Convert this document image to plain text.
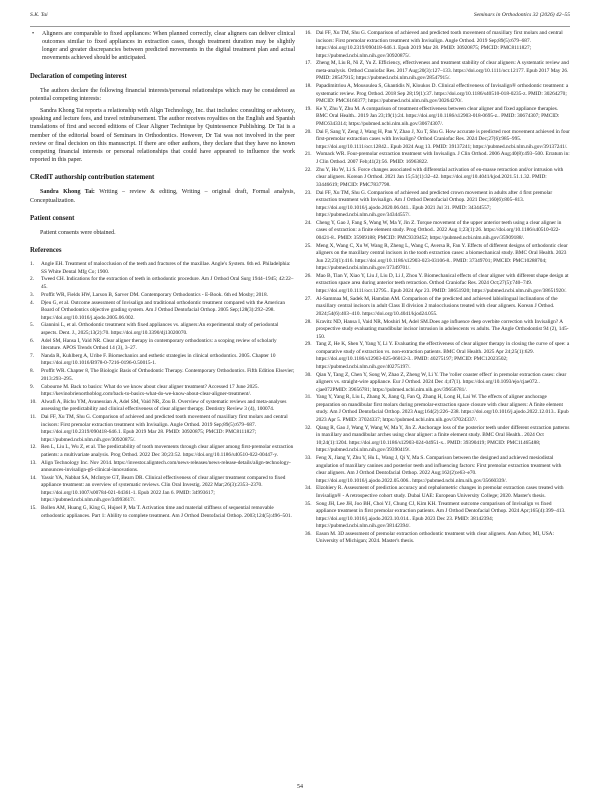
S.K. Tai	Seminars in Orthodontics 32 (2026) 42–55
• Aligners are comparable to fixed appliances: When planned correctly, clear aligners can deliver clinical outcomes similar to fixed appliances in extraction cases, though treatment duration may be slightly longer and greater discrepancies between predicted movements in the digital treatment plan and actual movements achieved should be anticipated.
Declaration of competing interest

The authors declare the following financial interests/personal relationships which may be considered as potential competing interests:

Sandra Khong Tai reports a relationship with Align Technology, Inc. that includes: consulting or advisory, speaking and lecture fees, and travel reimbursement. The author receives royalties on the English and Spanish translations of first and second editions of Clear Aligner Technique by Quintessence Publishing. Dr Tai is a member of the editorial board of Seminars in Orthodontics. However, Dr Tai was not involved in the peer review or final decision on this manuscript. If there are other authors, they declare that they have no known competing financial interests or personal relationships that could have appeared to influence the work reported in this paper.

CRediT authorship contribution statement

Sandra Khong Tai: Writing – review & editing, Writing – original draft, Formal analysis, Conceptualization.

Patient consent

Patient consents were obtained.

References
1.	Angle EH. Treatment of malocclusion of the teeth and fractures of the maxillae. Angle's System. 6th ed. Philadelphia: SS White Dental Mfg Co; 1900.
2.	Tweed CH. Indications for the extraction of teeth in orthodontic procedure. Am J Orthod Oral Surg 1944–1945; 42:22–45.
3.	Proffit WR, Fields HW, Larson B, Sarver DM. Contemporary Orthodontics - E-Book. 6th ed Mosby; 2018.
4.	Djeu G, et al. Outcome assessment of Invisalign and traditional orthodontic treatment compared with the American Board of Orthodontics objective grading system. Am J Orthod Dentofacial Orthop. 2005 Sep;128(3):292–298. https://doi.org/10.1016/j.ajodo.2005.06.002.
5.	Giannini L, et al. Orthodontic treatment with fixed appliances vs. aligners:An experimental study of periodontal aspects. Dent. J., 2025;13(2):70. https://doi.org/10.3390/dj13020070.
6.	Adel SM, Hansa I, Vaid NR. Clear aligner therapy in contemporary orthodontics: a scoping review of scholarly literature. APOS Trends Orthod 14 (3), 3–27.
7.	Nanda R, Kuhlberg A, Uribe F. Biomechanics and esthetic strategies in clinical orthodontics. 2005. Chapter 10 https://doi.org/10.1016/B978-0-7216-0196-0.50015-1.
8.	Proffit WR. Chapter 8, The Biologic Basis of Orthodontic Therapy. Contemporary Orthodontics. Fifth Edition Elsevier; 2013:293–295.
9.	Cobourne M. Back to basics: What do we know about clear aligner treatment? Accessed 17 June 2025. https://kevinobrienorthoblog.com/back-to-basics-what-do-we-know-about-clear-aligner-treatment/.
10. Alwafi A, Bichu YM, Avanessian A, Adel SM, Vaid NR, Zou B. Overview of systematic reviews and meta-analyses assessing the predictability and clinical effectiveness of clear aligner therapy. Dentistry Review 3 (4), 100074.
11. Dai FF, Xu TM, Shu G. Comparison of achieved and predicted tooth movement of maxillary first molars and central incisors: First premolar extraction treatment with Invisalign. Angle Orthod. 2019 Sep;89(5):679–687. https://doi.org/10.2319/090418-646.1. Epub 2019 Mar 28. PMID: 30920875; PMCID: PMC8111827; https://pubmed.ncbi.nlm.nih.gov/30920875/.
12. Ren L, Liu L, Wu Z, et al. The predictability of tooth movements through clear aligner among first-premolar extraction patients: a multivariate analysis. Prog Orthod. 2022 Dec 30;23:52. https://doi.org/10.1186/s40510-022-00447-y.
13. Align Technology Inc. Nov 2014. https://investor.aligntech.com/news-releases/news-release-details/align-technology-announces-invisalign-g6-clinical-innovations.
14. Yassir YA, Nabbat SA, McIntyre GT, Bearn DR. Clinical effectiveness of clear aligner treatment compared to fixed appliance treatment: an overview of systematic reviews. Clin Oral Investig. 2022 Mar;26(3):2353–2370. https://doi.org/10.1007/s00784-021-04361-1. Epub 2022 Jan 6. PMID: 34993617; https://pubmed.ncbi.nlm.nih.gov/34993617/.
15. Bollen AM, Huang G, King G, Hujoel P, Ma T. Activation time and material stiffness of sequential removable orthodontic appliances. Part 1: Ability to complete treatment. Am J Orthod Dentofacial Orthop. 2003;124(5):496–501.
16. Dai FF, Xu TM, Shu G. Comparison of achieved and predicted tooth movement of maxillary first molars and central incisors: First premolar extraction treatment with Invisalign. Angle Orthod. 2019 Sep;89(5):679–687. https://doi.org/10.2319/090418-646.1. Epub 2019 Mar 28. PMID: 30920875; PMCID: PMC8111827; https://pubmed.ncbi.nlm.nih.gov/30920875/.
17. Zheng M, Liu R, Ni Z, Yu Z. Efficiency, effectiveness and treatment stability of clear aligners: A systematic review and meta-analysis. Orthod Craniofac Res. 2017 Aug;20(3):127–133. https://doi.org/10.1111/ocr.12177. Epub 2017 May 26. PMID: 28547915; https://pubmed.ncbi.nlm.nih.gov/28547915/.
18. Papadimitriou A, Mousoulea S, Gkantidis N, Kloukos D. Clinical effectiveness of Invisalign® orthodontic treatment: a systematic review. Prog Orthod. 2018 Sep 28;19(1):37. https://doi.org/10.1186/s40510-018-0235-z. PMID: 30264270; PMCID: PMC6160377; https://pubmed.ncbi.nlm.nih.gov/30264270/.
19. Ke Y, Zhu Y, Zhu M. A comparison of treatment effectiveness between clear aligner and fixed appliance therapies. BMC Oral Health.. 2019 Jan 23;19(1):24. https://doi.org/10.1186/s12903-018-0695-z.. PMID: 30674307; PMCID: PMC6343314; https://pubmed.ncbi.nlm.nih.gov/30674307/.
20. Dai F, Sang Y, Zeng J, Wang H, Pan Y, Zhao J, Xu T, Shu G. How accurate is predicted root movement achieved in four first-premolar extraction cases with Invisalign? Orthod Craniofac Res. 2024 Dec;27(6):985–995. https://doi.org/10.1111/ocr.12842.. Epub 2024 Aug 13. PMID: 39137241; https://pubmed.ncbi.nlm.nih.gov/39137241/.
21. Womack WR. Four-premolar extraction treatment with Invisalign. J Clin Orthod. 2006 Aug;40(8):493–500. Erratum in: J Clin Orthod. 2007 Feb;41(2):56. PMID: 16963822.
22. Zhu Y, Hu W, Li S. Force changes associated with differential activation of en-masse retraction and/or intrusion with clear aligners. Korean J Orthod. 2021 Jan 15;51(1):32–42. https://doi.org/10.4041/kjod.2021.51.1.32. PMID: 33446619; PMCID: PMC7837798.
23. Dai FF, Xu TM, Shu G. Comparison of achieved and predicted crown movement in adults after 4 first premolar extraction treatment with Invisalign. Am J Orthod Dentofacial Orthop. 2021 Dec;160(6):805–813. https://doi.org/10.1016/j.ajodo.2020.06.041.. Epub 2021 Jul 31. PMID: 34344557; https://pubmed.ncbi.nlm.nih.gov/34344557/.
24. Cheng Y, Gao J, Fang S, Wang W, Ma Y, Jin Z. Torque movement of the upper anterior teeth using a clear aligner in cases of extraction: a finite element study. Prog Orthod.. 2022 Aug 1;23(1):26. https://doi.org/10.1186/s40510-022-00421-8.. PMID: 35909188; PMCID: PMC9339452; https://pubmed.ncbi.nlm.nih.gov/35909188/.
25. Meng X, Wang C, Xu W, Wang R, Zheng L, Wang C, Aversa R, Fan Y. Effects of different designs of orthodontic clear aligners on the maxillary central incisors in the tooth extraction cases: a biomechanical study. BMC Oral Health. 2023 Jun 22;23(1):416. https://doi.org/10.1186/s12903-023-03106-8.. PMID: 37349701; PMCID: PMC10288704; https://pubmed.ncbi.nlm.nih.gov/37349701/.
26. Mao B, Tian Y, Xiao Y, Liu J, Liu D, Li J, Zhou Y. Biomechanical effects of clear aligner with different shape design at extraction space area during anterior teeth retraction. Orthod Craniofac Res. 2024 Oct;27(5):740–749. https://doi.org/10.1111/ocr.12795.. Epub 2024 Apr 23. PMID: 38651920; https://pubmed.ncbi.nlm.nih.gov/38651920/.
27. Al-Sammaa M, Sadek M, Hamdan AM. Comparison of the predicted and achieved labiolingual inclinations of the maxillary central incisors in adult Class II division 2 malocclusions treated with clear aligners. Korean J Orthod. 2024;54(6):403–410. https://doi.org/10.4041/kjod24.055.
28. Kravitz ND, Hansa I, Vaid NR, Moshiri M, Adel SM.Does age influence deep overbite correction with Invisalign? A prospective study evaluating mandibular incisor intrusion in adolescents vs adults. The Angle Orthodontist 94 (2), 145-150.
29. Tang Z, He K, Shen Y, Yang Y, Li Y. Evaluating the effectiveness of clear aligner therapy in closing the curve of spee: a comparative study of extraction vs. non-extraction patients. BMC Oral Health. 2025 Apr 24;25(1):629. https://doi.org/10.1186/s12903-025-06012-3.. PMID: 40275197; PMCID: PMC12023502; https://pubmed.ncbi.nlm.nih.gov/40275197/.
30. Qian Y, Tang Z, Chen Y, Song W, Zhao Z, Zheng W, Li Y. The 'roller coaster effect' in premolar extraction cases: clear aligners vs. straight-wire appliance. Eur J Orthod. 2024 Dec 4;47(1). https://doi.org/10.1093/ejo/cjae072.. cjae072PMID: 39656781; https://pubmed.ncbi.nlm.nih.gov/39656781/.
31. Yang Y, Yang R, Liu L, Zhang X, Jiang Q, Fan Q, Zhang H, Long H, Lai W. The effects of aligner anchorage preparation on mandibular first molars during premolar-extraction space closure with clear aligners: A finite element study. Am J Orthod Dentofacial Orthop. 2023 Aug;164(2):226–238. https://doi.org/10.1016/j.ajodo.2022.12.013.. Epub 2023 Apr 5. PMID: 37024337; https://pubmed.ncbi.nlm.nih.gov/37024337/.
32. Qiang R, Gao J, Wang Y, Wang W, Ma Y, Jin Z. Anchorage loss of the posterior teeth under different extraction patterns in maxillary and mandibular arches using clear aligner: a finite element study. BMC Oral Health.. 2024 Oct 10;24(1):1204. https://doi.org/10.1186/s12903-024-04951-x.. PMID: 39390419; PMCID: PMC11465488; https://pubmed.ncbi.nlm.nih.gov/39390419/.
33. Feng X, Jiang Y, Zhu Y, Hu L, Wang J, Qi Y, Ma S. Comparison between the designed and achieved mesiodistal angulation of maxillary canines and posterior teeth and influencing factors: First premolar extraction treatment with clear aligners. Am J Orthod Dentofacial Orthop. 2022 Aug;162(2):e63–e70. https://doi.org/10.1016/j.ajodo.2022.05.006.. https://pubmed.ncbi.nlm.nih.gov/35660339/.
34. Elzohiery R. Assessment of prediction accuracy and cephalometric changes in premolar extraction cases treated with Invisalign® - A retrospective cohort study. Dubai UAE: European University College; 2020. Master's thesis.
35. Song JH, Lee JH, Joo BH, Choi YJ, Chung CJ, Kim KH. Treatment outcome comparison of Invisalign vs fixed appliance treatment in first premolar extraction patients. Am J Orthod Dentofacial Orthop. 2024 Apr;165(4):399–413. https://doi.org/10.1016/j.ajodo.2023.10.014.. Epub 2023 Dec 23. PMID: 38142394; https://pubmed.ncbi.nlm.nih.gov/38142394/.
36. Eason M. 3D assessment of premolar extraction orthodontic treatment with clear aligners. Ann Arbor, MI, USA: University of Michigan; 2024. Master's thesis.
54
